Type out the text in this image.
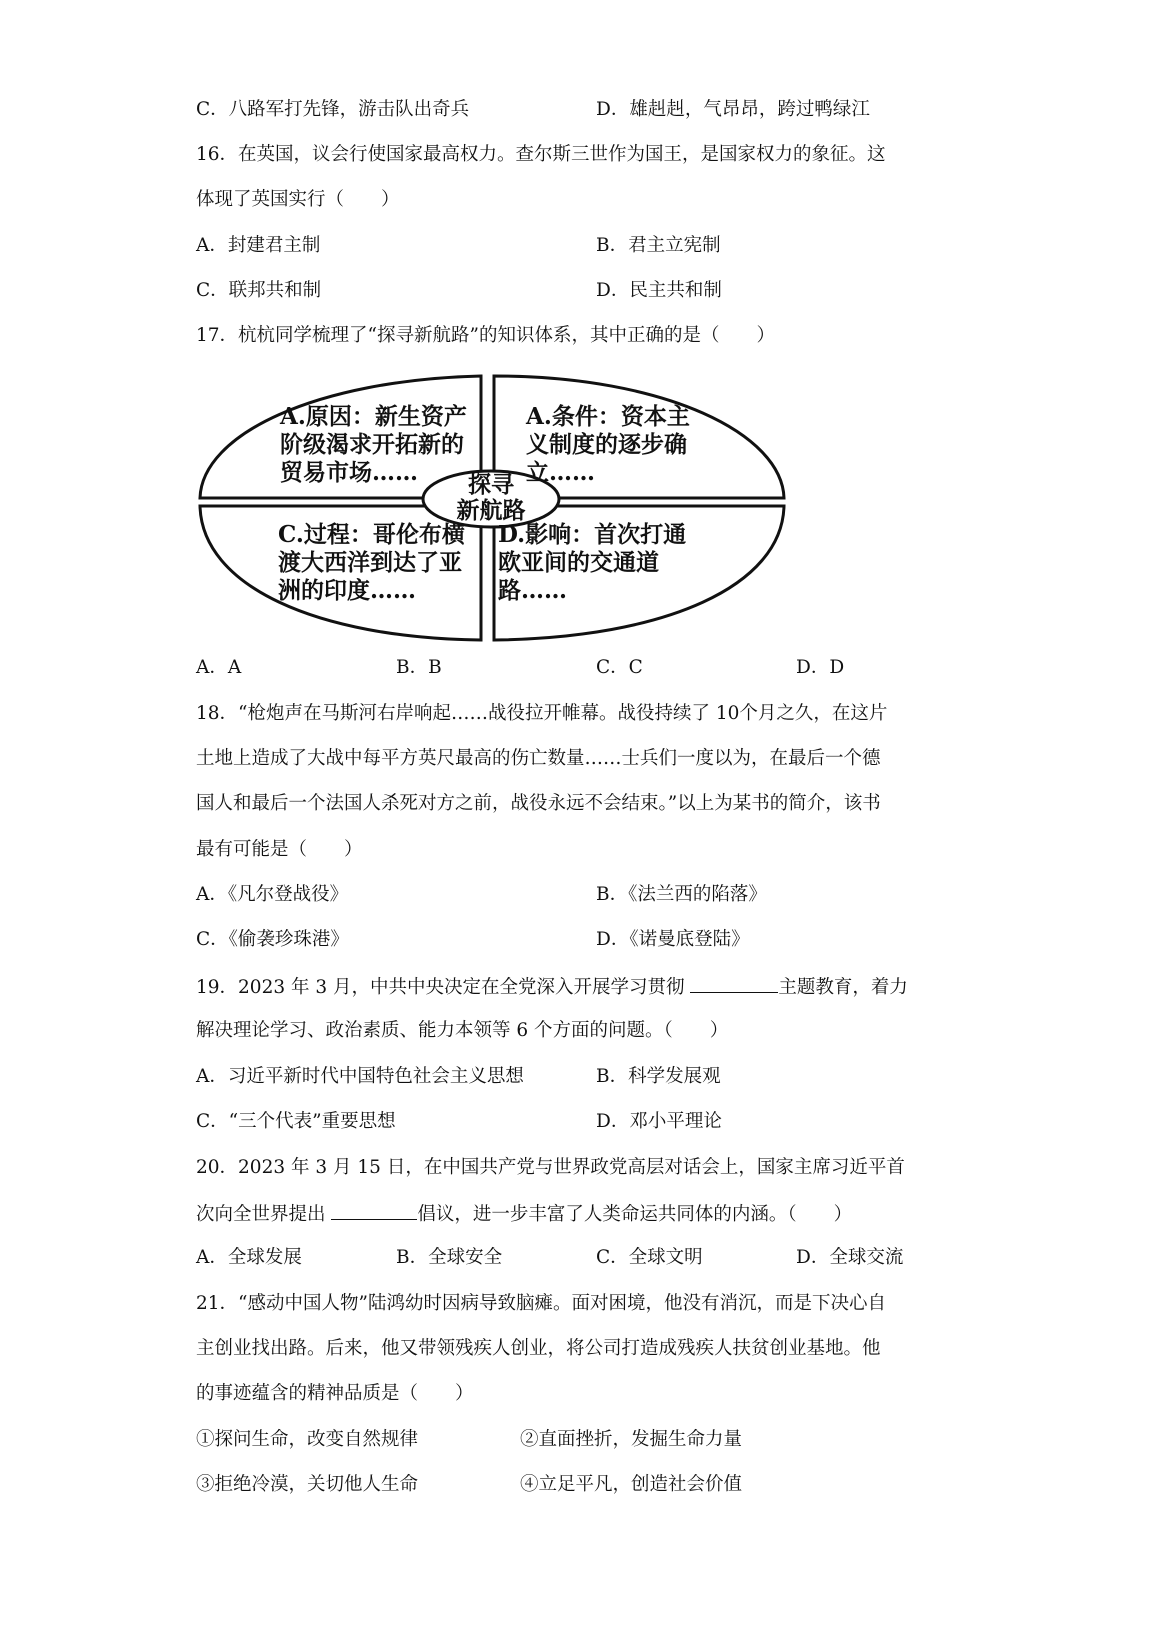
C．八路军打先锋，游击队出奇兵	D．雄赳赳，气昂昂，跨过鸭绿江
16．在英国，议会行使国家最高权力。查尔斯三世作为国王，是国家权力的象征。这
体现了英国实行（　　）
A．封建君主制	B．君主立宪制
C．联邦共和制	D．民主共和制
17．杭杭同学梳理了“探寻新航路”的知识体系，其中正确的是（　　）
A.原因：新生资产
阶级渴求开拓新的
贸易市场……
A.条件：资本主
义制度的逐步确
立……
C.过程：哥伦布横
渡大西洋到达了亚
洲的印度……
D.影响：首次打通
欧亚间的交通道
路……
探寻
新航路
A．A	B．B	C．C	D．D
18．“枪炮声在马斯河右岸响起……战役拉开帷幕。战役持续了 10个月之久，在这片
土地上造成了大战中每平方英尺最高的伤亡数量……士兵们一度以为，在最后一个德
国人和最后一个法国人杀死对方之前，战役永远不会结束。”以上为某书的简介，该书
最有可能是（　　）
A．《凡尔登战役》	B．《法兰西的陷落》
C．《偷袭珍珠港》	D．《诺曼底登陆》
19．2023 年 3 月，中共中央决定在全党深入开展学习贯彻	主题教育，着力
解决理论学习、政治素质、能力本领等 6 个方面的问题。（　　）
A．习近平新时代中国特色社会主义思想	B．科学发展观
C．“三个代表”重要思想	D．邓小平理论
20．2023 年 3 月 15 日，在中国共产党与世界政党高层对话会上，国家主席习近平首
次向全世界提出	倡议，进一步丰富了人类命运共同体的内涵。（　　）
A．全球发展	B．全球安全	C．全球文明	D．全球交流
21．“感动中国人物”陆鸿幼时因病导致脑瘫。面对困境，他没有消沉，而是下决心自
主创业找出路。后来，他又带领残疾人创业，将公司打造成残疾人扶贫创业基地。他
的事迹蕴含的精神品质是（　　）
①探问生命，改变自然规律	②直面挫折，发掘生命力量
③拒绝冷漠，关切他人生命	④立足平凡，创造社会价值
